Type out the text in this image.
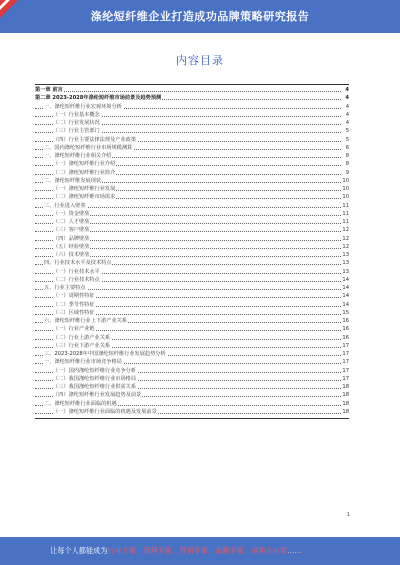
涤纶短纤维企业打造成功品牌策略研究报告
内容目录
第一章 前言	4
第二章 2023-2028年涤纶短纤维市场前景及趋势预测	4
一、涤纶短纤维行业宏观环境分析	4
（一）行业基本概念	4
（二）行业发展状况	4
（三）行业主管部门	5
（四）行业主要法律法规及产业政策	5
二、国内涤纶短纤维行业市场规模测算	6
一、涤纶短纤维行业相关介绍	8
（一）涤纶短纤维行业介绍	8
（二）涤纶短纤维行业简介	9
二、涤纶短纤维发展现状	10
（一）涤纶短纤维行业发展	10
（二）涤纶短纤维市场需求	10
三、行业进入壁垒	11
（一）资金壁垒	11
（二）人才壁垒	11
（三）客户壁垒	12
（四）品牌壁垒	12
（五）经验壁垒	12
（六）技术壁垒	13
四、行业技术水平及技术特点	13
（一）行业技术水平	13
（二）行业技术特点	14
五、行业主要特点	14
（一）周期性特征	14
（二）季节性特征	14
（三）区域性特征	15
六、涤纶短纤维行业上下游产业关系	16
（一）行业产业链	16
（二）行业上游产业关系	16
（三）行业下游产业关系	17
三、2023-2028年中国涤纶短纤维行业发展趋势分析	17
一、涤纶短纤维行业市场竞争格局	17
（一）国内涤纶短纤维行业竞争分析	17
（二）我国涤纶短纤维行业市场格局	17
（三）我国涤纶短纤维行业供需关系	18
（四）涤纶短纤维行业发展趋势及前景	18
二、涤纶短纤维行业面临的机遇	18
（一）涤纶短纤维行业面临的机遇及发展前景	18
1
让每个人都能成为行业专家、管理专家、营销专家、战略专家、成功企业家……
